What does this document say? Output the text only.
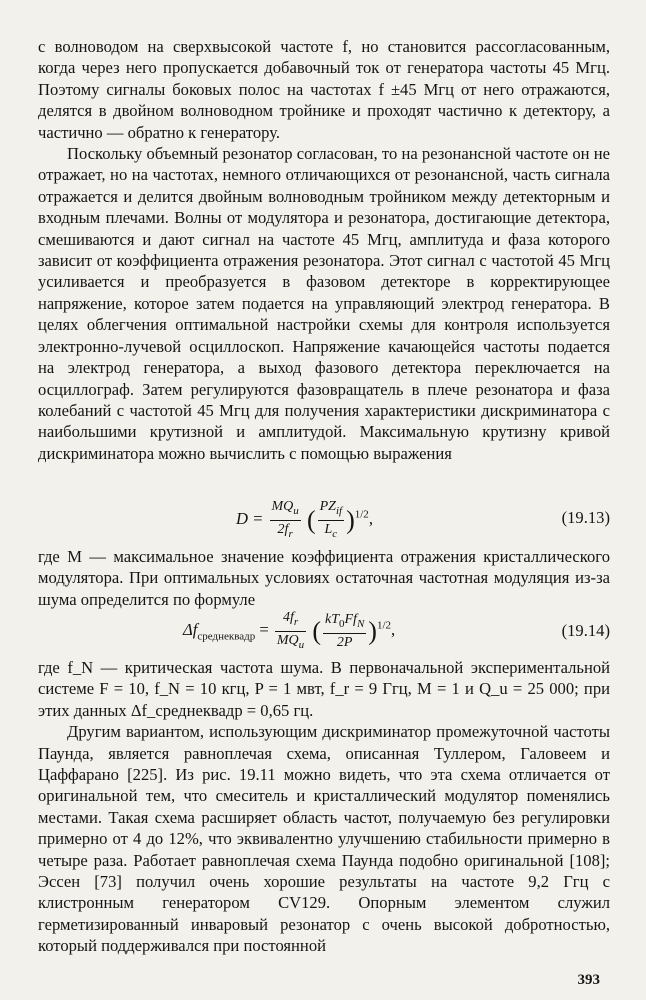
с волноводом на сверхвысокой частоте f, но становится рассогласованным, когда через него пропускается добавочный ток от генератора частоты 45 Мгц. Поэтому сигналы боковых полос на частотах f ±45 Мгц от него отражаются, делятся в двойном волноводном тройнике и проходят частично к детектору, а частично — обратно к генератору.

Поскольку объемный резонатор согласован, то на резонансной частоте он не отражает, но на частотах, немного отличающихся от резонансной, часть сигнала отражается и делится двойным волноводным тройником между детекторным и входным плечами. Волны от модулятора и резонатора, достигающие детектора, смешиваются и дают сигнал на частоте 45 Мгц, амплитуда и фаза которого зависит от коэффициента отражения резонатора. Этот сигнал с частотой 45 Мгц усиливается и преобразуется в фазовом детекторе в корректирующее напряжение, которое затем подается на управляющий электрод генератора. В целях облегчения оптимальной настройки схемы для контроля используется электронно-лучевой осциллоскоп. Напряжение качающейся частоты подается на электрод генератора, а выход фазового детектора переключается на осциллограф. Затем регулируются фазовращатель в плече резонатора и фаза колебаний с частотой 45 Мгц для получения характеристики дискриминатора с наибольшими крутизной и амплитудой. Максимальную крутизну кривой дискриминатора можно вычислить с помощью выражения

$D = \frac{MQ_u}{2f_r}$ ( $\frac{PZ_{if}}{L_c} )^{1/2}$,	(19.13)

где M — максимальное значение коэффициента отражения кристаллического модулятора. При оптимальных условиях остаточная частотная модуляция из-за шума определится по формуле

$\Delta f_{среднеквадр} = \frac{4f_r}{MQ_u}$ ( $\frac{kT_0Ff_N}{2P} )^{1/2}$,	(19.14)

где f_N — критическая частота шума. В первоначальной экспериментальной системе F = 10, f_N = 10 кгц, P = 1 мвт, f_r = 9 Ггц, M = 1 и Q_u = 25 000; при этих данных Δf_среднеквадр = 0,65 гц.

Другим вариантом, использующим дискриминатор промежуточной частоты Паунда, является равноплечая схема, описанная Туллером, Галовеем и Цаффарано [225]. Из рис. 19.11 можно видеть, что эта схема отличается от оригинальной тем, что смеситель и кристаллический модулятор поменялись местами. Такая схема расширяет область частот, получаемую без регулировки примерно от 4 до 12%, что эквивалентно улучшению стабильности примерно в четыре раза. Работает равноплечая схема Паунда подобно оригинальной [108]; Эссен [73] получил очень хорошие результаты на частоте 9,2 Ггц с клистронным генератором CV129. Опорным элементом служил герметизированный инваровый резонатор с очень высокой добротностью, который поддерживался при постоянной

393
